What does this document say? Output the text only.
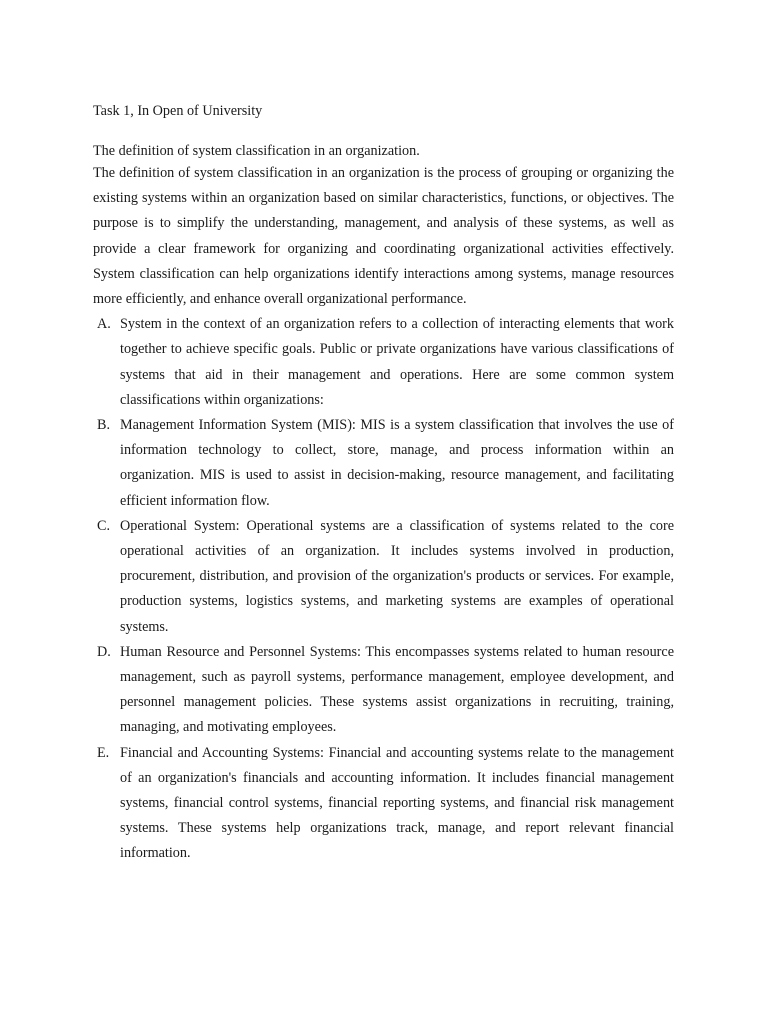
Task 1, In Open of University

The definition of system classification in an organization.

The definition of system classification in an organization is the process of grouping or organizing the existing systems within an organization based on similar characteristics, functions, or objectives. The purpose is to simplify the understanding, management, and analysis of these systems, as well as provide a clear framework for organizing and coordinating organizational activities effectively. System classification can help organizations identify interactions among systems, manage resources more efficiently, and enhance overall organizational performance.

A. System in the context of an organization refers to a collection of interacting elements that work together to achieve specific goals. Public or private organizations have various classifications of systems that aid in their management and operations. Here are some common system classifications within organizations:
B. Management Information System (MIS): MIS is a system classification that involves the use of information technology to collect, store, manage, and process information within an organization. MIS is used to assist in decision-making, resource management, and facilitating efficient information flow.
C. Operational System: Operational systems are a classification of systems related to the core operational activities of an organization. It includes systems involved in production, procurement, distribution, and provision of the organization's products or services. For example, production systems, logistics systems, and marketing systems are examples of operational systems.
D. Human Resource and Personnel Systems: This encompasses systems related to human resource management, such as payroll systems, performance management, employee development, and personnel management policies. These systems assist organizations in recruiting, training, managing, and motivating employees.
E. Financial and Accounting Systems: Financial and accounting systems relate to the management of an organization's financials and accounting information. It includes financial management systems, financial control systems, financial reporting systems, and financial risk management systems. These systems help organizations track, manage, and report relevant financial information.
